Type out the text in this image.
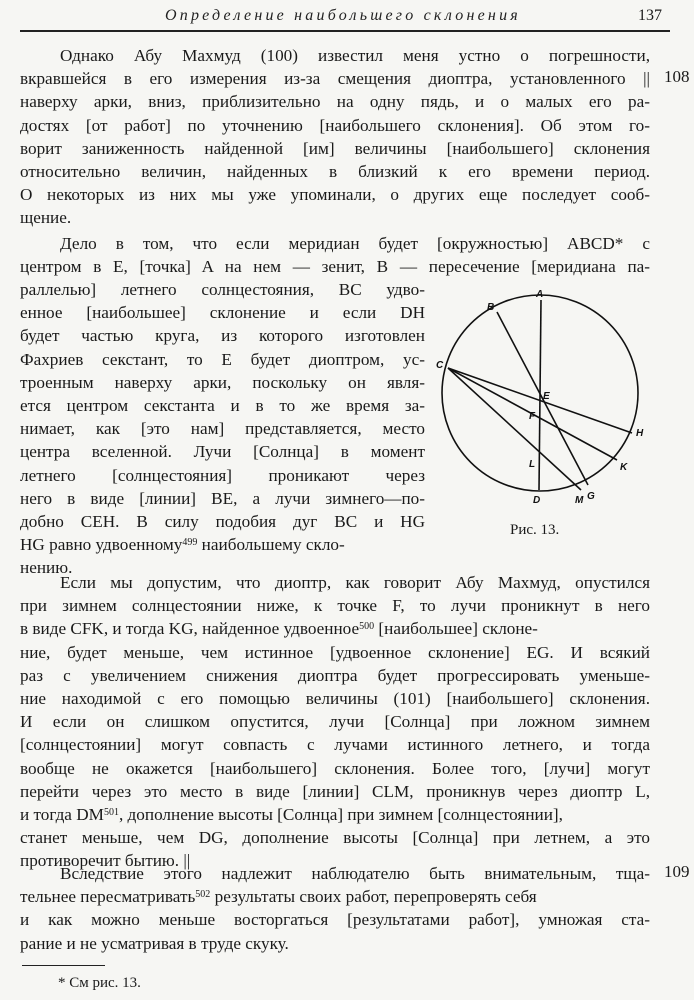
Определение наибольшего склонения	137
Однако Абу Махмуд (100) известил меня устно о погрешности,
вкравшейся в его измерения из-за смещения диоптра, установленного ||
наверху арки, вниз, приблизительно на одну пядь, и о малых его ра-
достях [от работ] по уточнению [наибольшего склонения]. Об этом го-
ворит заниженность найденной [им] величины [наибольшего] склонения
относительно величин, найденных в близкий к его времени период.
О некоторых из них мы уже упоминали, о других еще последует сооб-
щение.
108
Дело в том, что если меридиан будет [окружностью] ABCD* с
центром в E, [точка] A на нем — зенит, B — пересечение [меридиана па-
раллелью] летнего солнцестояния, BC удво-
енное [наибольшее] склонение и если DH
будет частью круга, из которого изготовлен
Фахриев секстант, то E будет диоптром, ус-
троенным наверху арки, поскольку он явля-
ется центром секстанта и в то же время за-
нимает, как [это нам] представляется, место
центра вселенной. Лучи [Солнца] в момент
летнего [солнцестояния] проникают через
него в виде [линии] BE, а лучи зимнего—по-
добно CEH. В силу подобия дуг BC и HG
HG равно удвоенному$^{499}$ наибольшему скло-
нению.
A
B
C
E
F
L
D	M G
K
H
Рис. 13.
Если мы допустим, что диоптр, как говорит Абу Махмуд, опустился
при зимнем солнцестоянии ниже, к точке F, то лучи проникнут в него
в виде CFK, и тогда KG, найденное удвоенное$^{500}$ [наибольшее] склоне-
ние, будет меньше, чем истинное [удвоенное склонение] EG. И всякий
раз с увеличением снижения диоптра будет прогрессировать уменьше-
ние находимой с его помощью величины (101) [наибольшего] склонения.
И если он слишком опустится, лучи [Солнца] при ложном зимнем
[солнцестоянии] могут совпасть с лучами истинного летнего, и тогда
вообще не окажется [наибольшего] склонения. Более того, [лучи] могут
перейти через это место в виде [линии] CLM, проникнув через диоптр L,
и тогда DM$^{501}$, дополнение высоты [Солнца] при зимнем [солнцестоянии],
станет меньше, чем DG, дополнение высоты [Солнца] при летнем, а это
противоречит бытию. ||
Вследствие этого надлежит наблюдателю быть внимательным, тща-
тельнее пересматривать$^{502}$ результаты своих работ, перепроверять себя
и как можно меньше восторгаться [результатами работ], умножая ста-
рание и не усматривая в труде скуку.
109
* См рис. 13.
